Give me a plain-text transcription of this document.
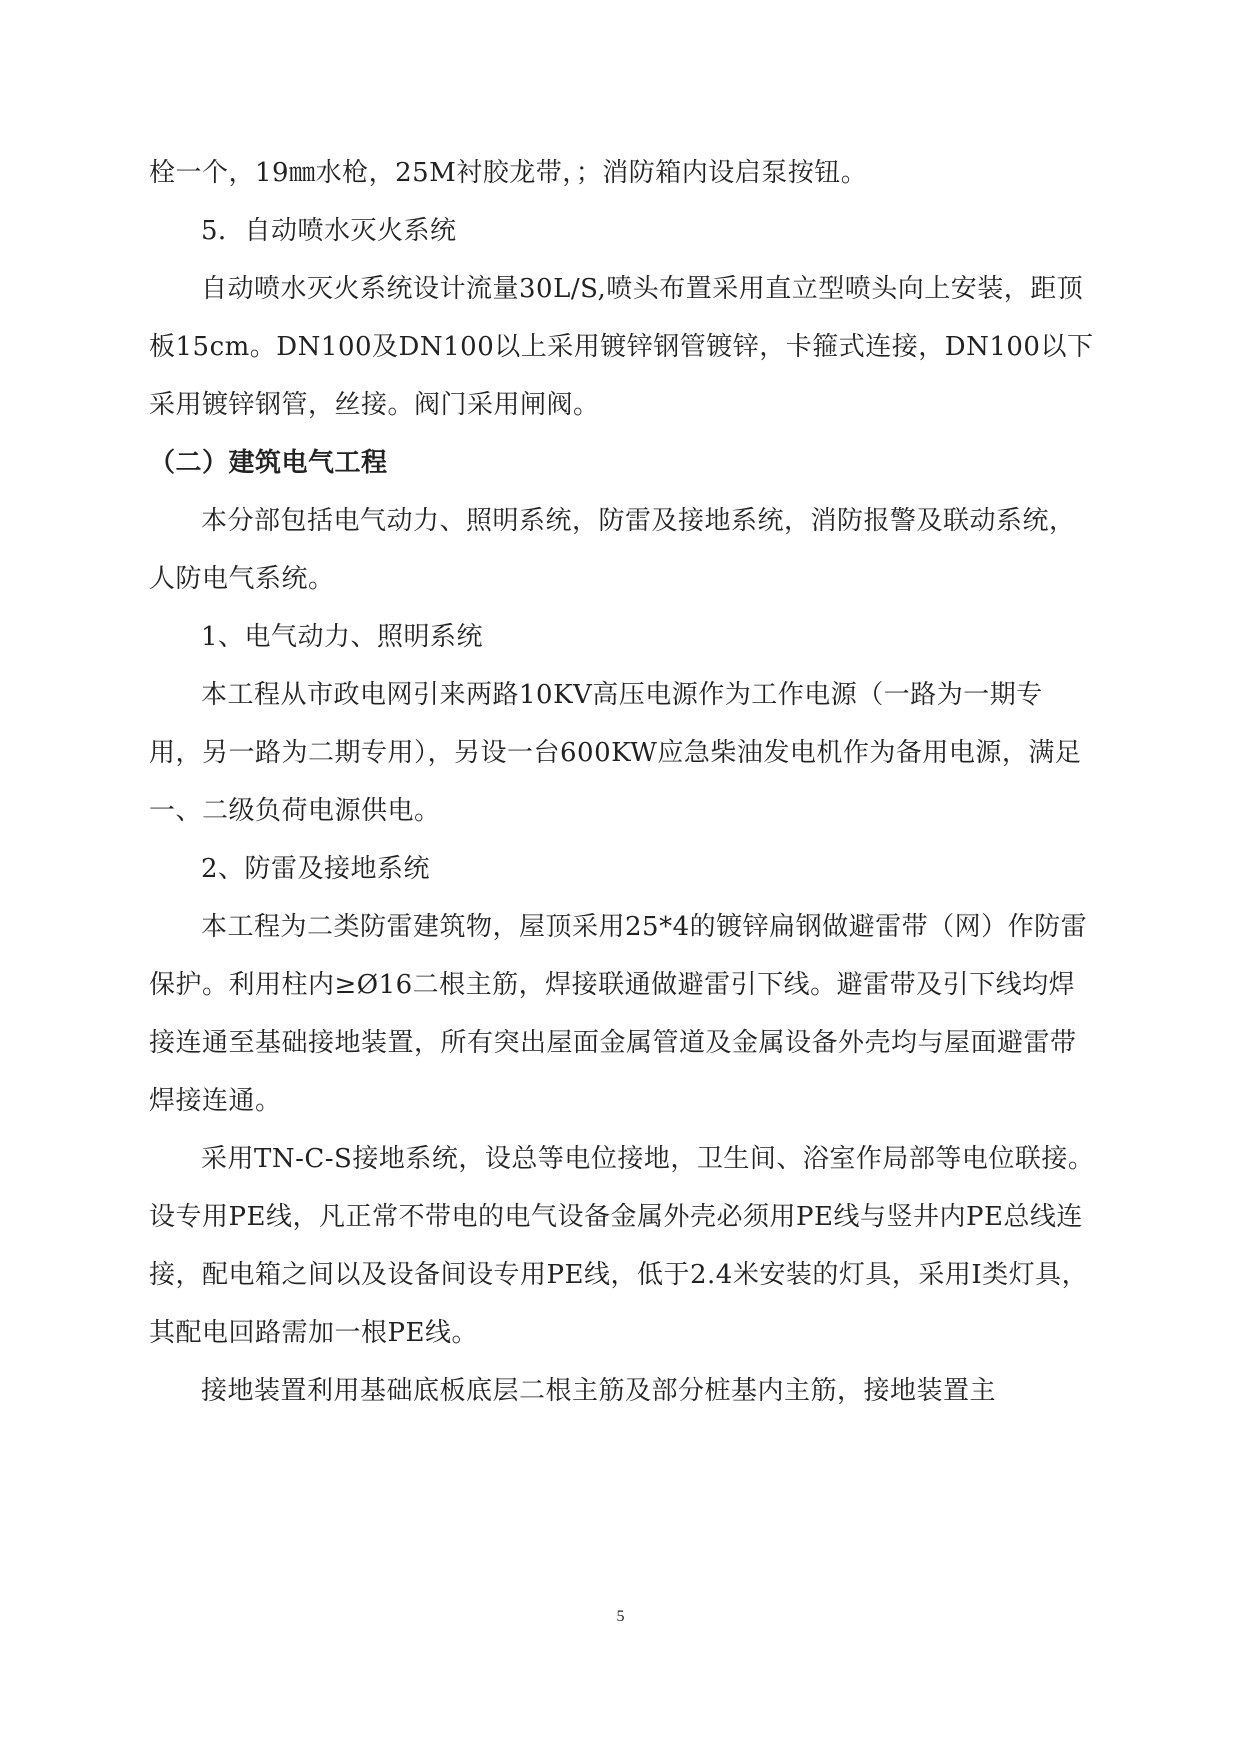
栓一个，19㎜水枪，25M衬胶龙带，；消防箱内设启泵按钮。

5．自动喷水灭火系统

自动喷水灭火系统设计流量30L/S,喷头布置采用直立型喷头向上安装，距顶板15cm。DN100及DN100以上采用镀锌钢管镀锌，卡箍式连接，DN100以下采用镀锌钢管，丝接。阀门采用闸阀。

（二）建筑电气工程

本分部包括电气动力、照明系统，防雷及接地系统，消防报警及联动系统，人防电气系统。

1、电气动力、照明系统

本工程从市政电网引来两路10KV高压电源作为工作电源（一路为一期专用，另一路为二期专用），另设一台600KW应急柴油发电机作为备用电源，满足一、二级负荷电源供电。

2、防雷及接地系统

本工程为二类防雷建筑物，屋顶采用25*4的镀锌扁钢做避雷带（网）作防雷保护。利用柱内≥Ø16二根主筋，焊接联通做避雷引下线。避雷带及引下线均焊接连通至基础接地装置，所有突出屋面金属管道及金属设备外壳均与屋面避雷带焊接连通。

采用TN-C-S接地系统，设总等电位接地，卫生间、浴室作局部等电位联接。设专用PE线，凡正常不带电的电气设备金属外壳必须用PE线与竖井内PE总线连接，配电箱之间以及设备间设专用PE线，低于2.4米安装的灯具，采用Ⅰ类灯具，其配电回路需加一根PE线。

接地装置利用基础底板底层二根主筋及部分桩基内主筋，接地装置主

5
